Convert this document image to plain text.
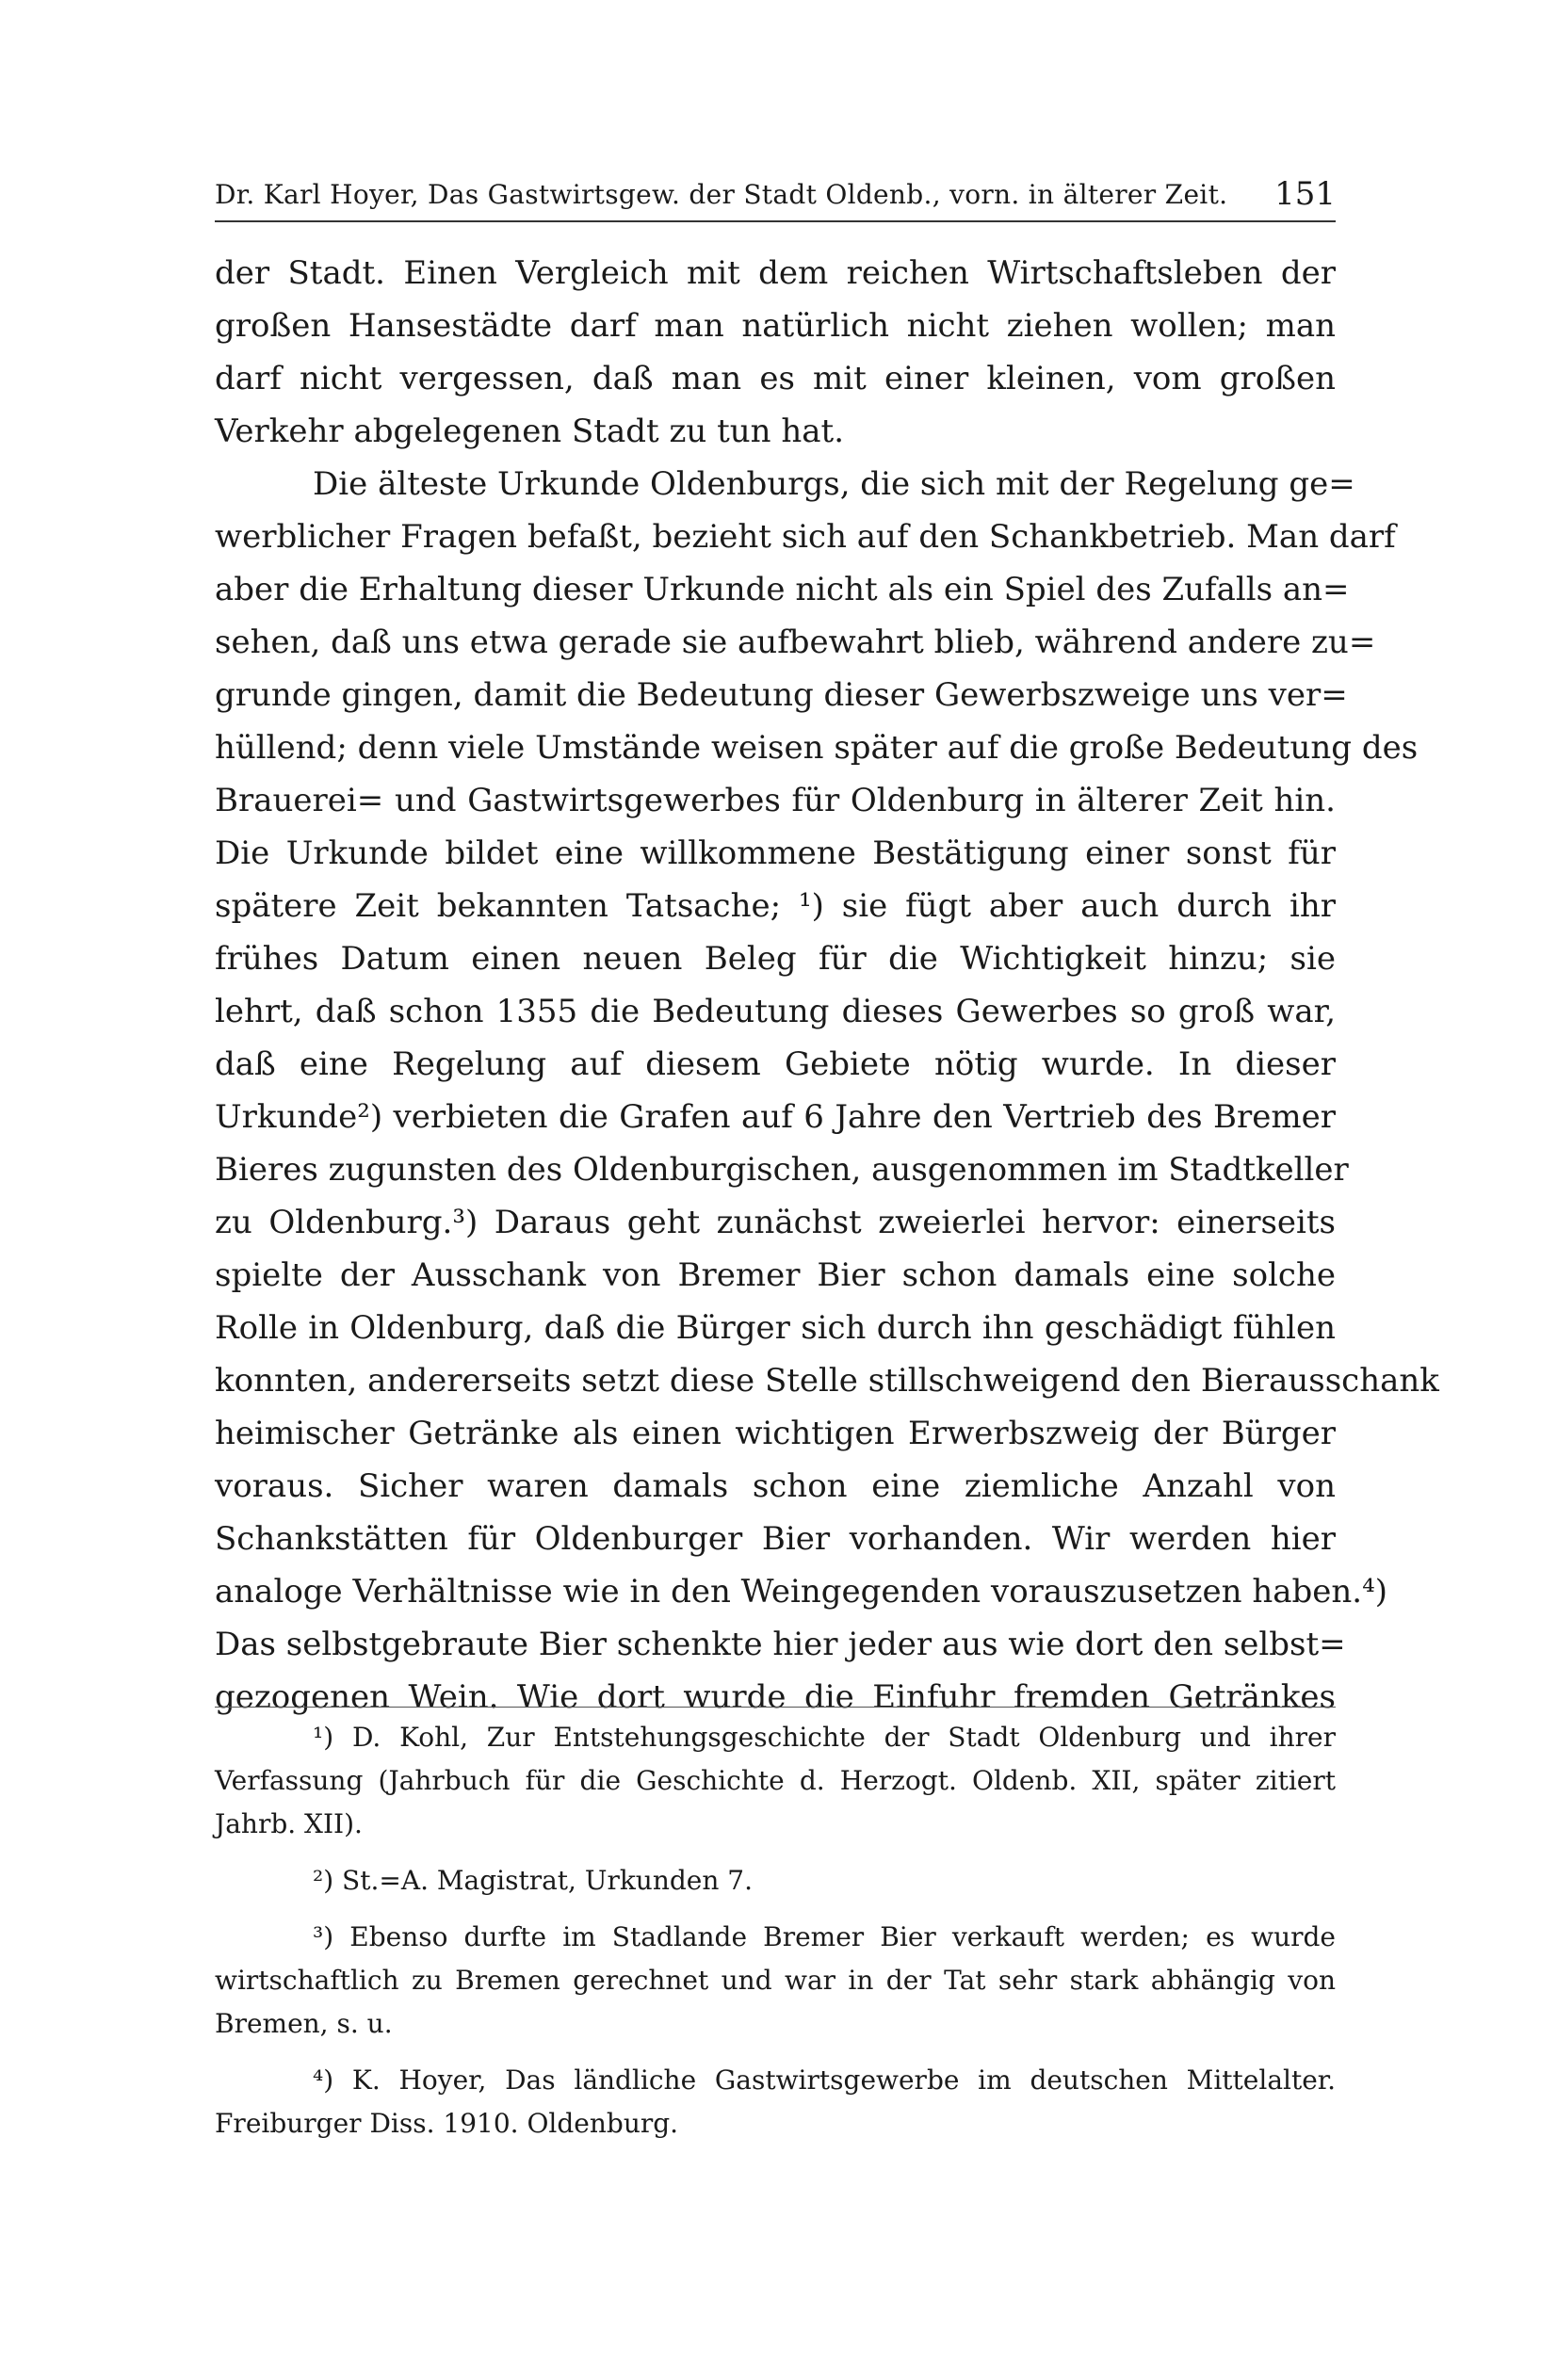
Dr. Karl Hoyer, Das Gastwirtsgew. der Stadt Oldenb., vorn. in älterer Zeit. 151
der Stadt. Einen Vergleich mit dem reichen Wirtschaftsleben der
großen Hansestädte darf man natürlich nicht ziehen wollen; man
darf nicht vergessen, daß man es mit einer kleinen, vom großen
Verkehr abgelegenen Stadt zu tun hat.
Die älteste Urkunde Oldenburgs, die sich mit der Regelung ge=
werblicher Fragen befaßt, bezieht sich auf den Schankbetrieb. Man darf
aber die Erhaltung dieser Urkunde nicht als ein Spiel des Zufalls an=
sehen, daß uns etwa gerade sie aufbewahrt blieb, während andere zu=
grunde gingen, damit die Bedeutung dieser Gewerbszweige uns ver=
hüllend; denn viele Umstände weisen später auf die große Bedeutung des
Brauerei= und Gastwirtsgewerbes für Oldenburg in älterer Zeit hin.
Die Urkunde bildet eine willkommene Bestätigung einer sonst für
spätere Zeit bekannten Tatsache; ¹) sie fügt aber auch durch ihr
frühes Datum einen neuen Beleg für die Wichtigkeit hinzu; sie
lehrt, daß schon 1355 die Bedeutung dieses Gewerbes so groß war,
daß eine Regelung auf diesem Gebiete nötig wurde. In dieser
Urkunde²) verbieten die Grafen auf 6 Jahre den Vertrieb des Bremer
Bieres zugunsten des Oldenburgischen, ausgenommen im Stadtkeller
zu Oldenburg.³) Daraus geht zunächst zweierlei hervor: einerseits
spielte der Ausschank von Bremer Bier schon damals eine solche
Rolle in Oldenburg, daß die Bürger sich durch ihn geschädigt fühlen
konnten, andererseits setzt diese Stelle stillschweigend den Bierausschank
heimischer Getränke als einen wichtigen Erwerbszweig der Bürger
voraus. Sicher waren damals schon eine ziemliche Anzahl von
Schankstätten für Oldenburger Bier vorhanden. Wir werden hier
analoge Verhältnisse wie in den Weingegenden vorauszusetzen haben.⁴)
Das selbstgebraute Bier schenkte hier jeder aus wie dort den selbst=
gezogenen Wein. Wie dort wurde die Einfuhr fremden Getränkes
¹) D. Kohl, Zur Entstehungsgeschichte der Stadt Oldenburg und ihrer
Verfassung (Jahrbuch für die Geschichte d. Herzogt. Oldenb. XII, später zitiert
Jahrb. XII).
²) St.=A. Magistrat, Urkunden 7.
³) Ebenso durfte im Stadlande Bremer Bier verkauft werden; es wurde
wirtschaftlich zu Bremen gerechnet und war in der Tat sehr stark abhängig von
Bremen, s. u.
⁴) K. Hoyer, Das ländliche Gastwirtsgewerbe im deutschen Mittelalter.
Freiburger Diss. 1910. Oldenburg.
